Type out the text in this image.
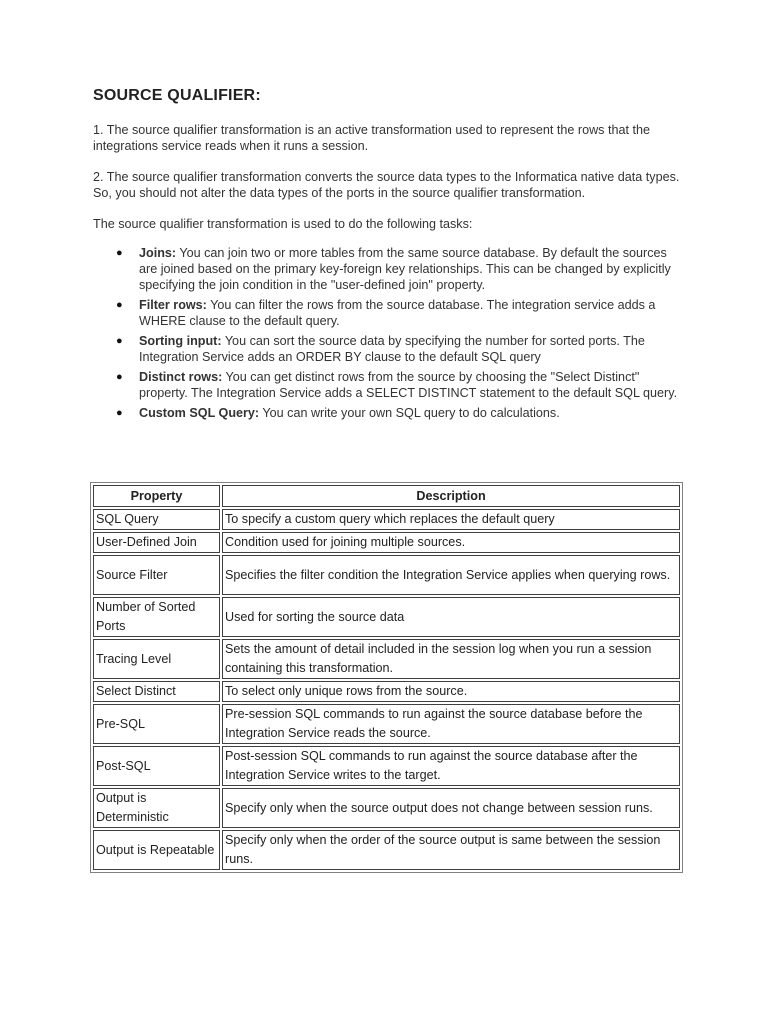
SOURCE QUALIFIER:

1. The source qualifier transformation is an active transformation used to represent the rows that the integrations service reads when it runs a session.

2. The source qualifier transformation converts the source data types to the Informatica native data types. So, you should not alter the data types of the ports in the source qualifier transformation.

The source qualifier transformation is used to do the following tasks:

● Joins: You can join two or more tables from the same source database. By default the sources are joined based on the primary key-foreign key relationships. This can be changed by explicitly specifying the join condition in the "user-defined join" property.
● Filter rows: You can filter the rows from the source database. The integration service adds a WHERE clause to the default query.
● Sorting input: You can sort the source data by specifying the number for sorted ports. The Integration Service adds an ORDER BY clause to the default SQL query
● Distinct rows: You can get distinct rows from the source by choosing the "Select Distinct" property. The Integration Service adds a SELECT DISTINCT statement to the default SQL query.
● Custom SQL Query: You can write your own SQL query to do calculations.
Property	Description
SQL Query	To specify a custom query which replaces the default query
User-Defined Join	Condition used for joining multiple sources.
Source Filter	Specifies the filter condition the Integration Service applies when querying rows.
Number of Sorted Ports	Used for sorting the source data
Tracing Level	Sets the amount of detail included in the session log when you run a session containing this transformation.
Select Distinct	To select only unique rows from the source.
Pre-SQL	Pre-session SQL commands to run against the source database before the Integration Service reads the source.
Post-SQL	Post-session SQL commands to run against the source database after the Integration Service writes to the target.
Output is Deterministic	Specify only when the source output does not change between session runs.
Output is Repeatable	Specify only when the order of the source output is same between the session runs.
